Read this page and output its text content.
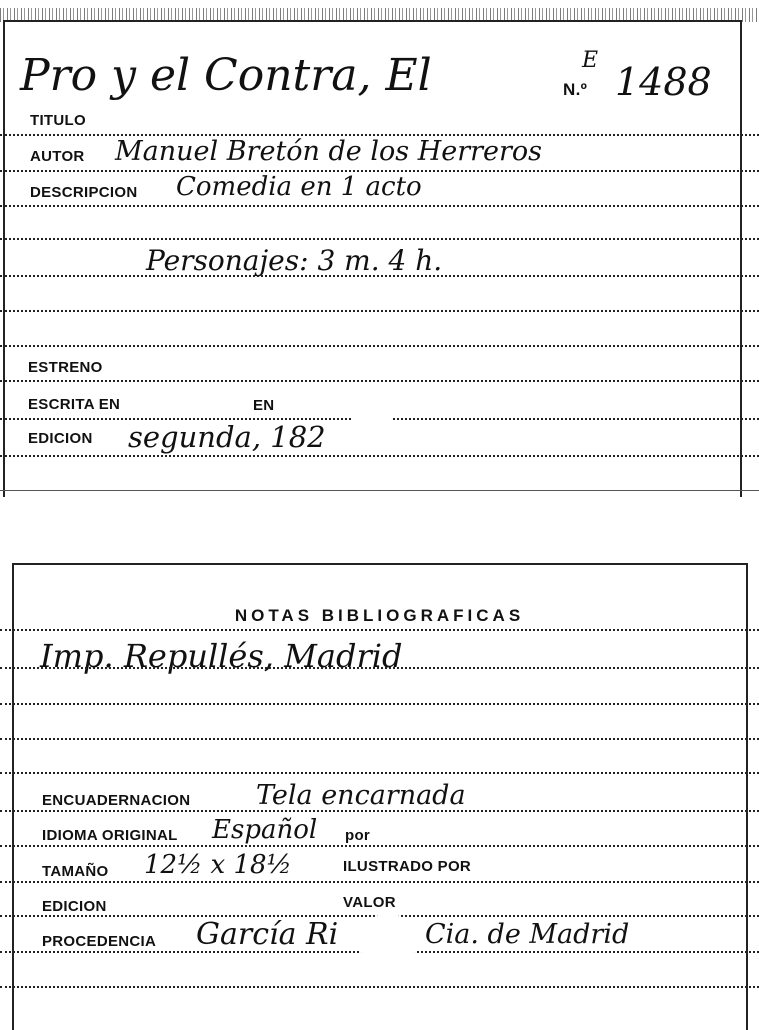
Pro y el Contra, El	N.º
E 1488
TITULO
AUTOR Manuel Bretón de los Herreros
DESCRIPCION Comedia en 1 acto
Personajes: 3 m. 4 h.
ESTRENO
ESCRITA EN	EN
EDICION segunda, 182
NOTAS BIBLIOGRAFICAS
Imp. Repullés, Madrid
ENCUADERNACION Tela encarnada
IDIOMA ORIGINAL Español por
TAMAÑO 12½ x 18½	ILUSTRADO POR
EDICION	VALOR
PROCEDENCIA García Ri	Cia. de Madrid
